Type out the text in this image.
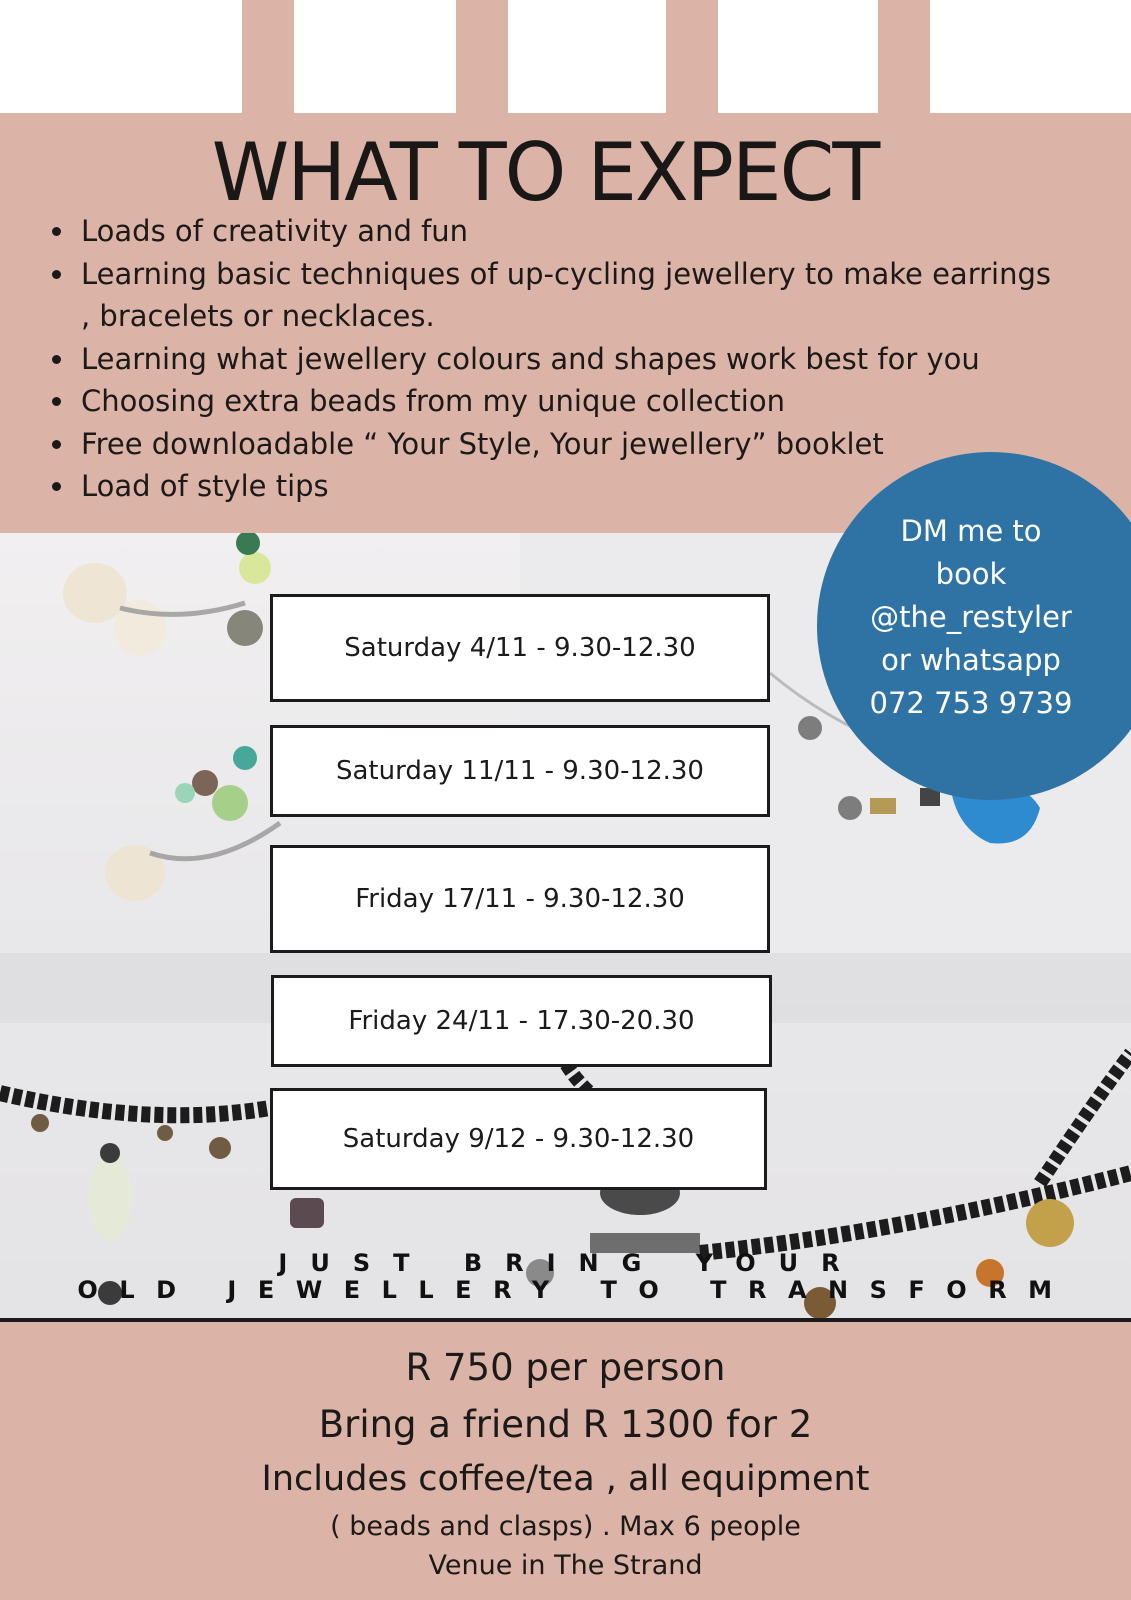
WHAT TO EXPECT
Loads of creativity and fun
Learning basic techniques of up-cycling jewellery to make earrings , bracelets or necklaces.
Learning what jewellery colours and shapes work best for you
Choosing extra beads from my unique collection
Free downloadable “ Your Style, Your jewellery” booklet
Load of style tips
Saturday 4/11 - 9.30-12.30
Saturday 11/11 - 9.30-12.30
Friday 17/11 - 9.30-12.30
Friday 24/11 - 17.30-20.30
Saturday 9/12 - 9.30-12.30
DM me to
book
@the_restyler
or whatsapp
072 753 9739
JUST BRING YOUR
OLD JEWELLERY TO TRANSFORM
R 750 per person
Bring a friend R 1300 for 2
Includes coffee/tea , all equipment
( beads and clasps) . Max 6 people
Venue in The Strand
